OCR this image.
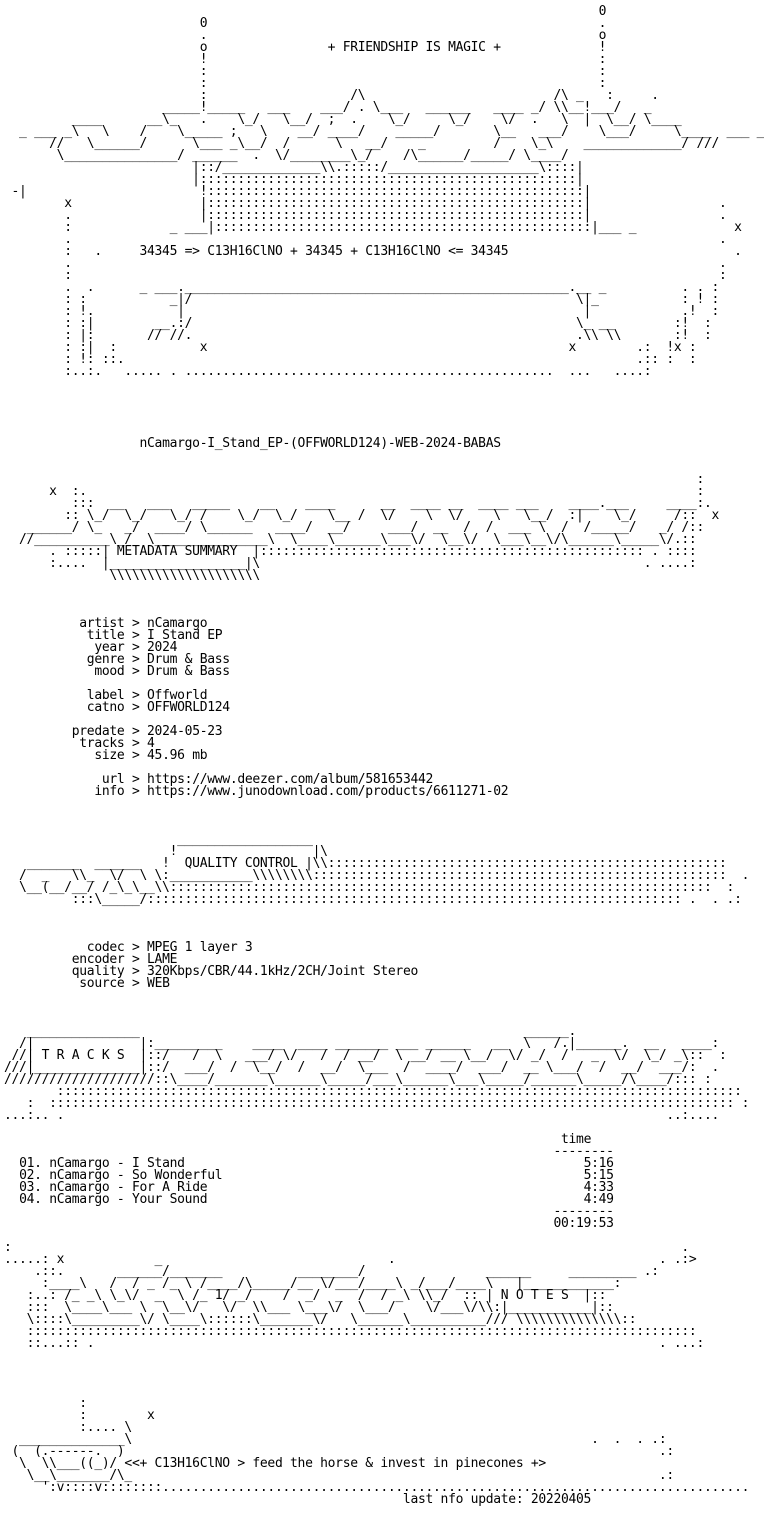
0
0                                                    .
.                                                    o
o                + FRIENDSHIP IS MAGIC +             !
!                                                    :
:                                                    :
:                                                    :
:                   /\                         /\ _   :     .
_____!_____   ___    ___/ . \___   ______   ____ _/ \\__!___/   _
____      __\_   .    \_/   \__/  ;  .    \_/     \_/    \/  .   \  |  \__/ \____
_ ___ _\   \    /    \_____ ;   \    __/ ____/    _____/       \__   ___/    \___/     \____  ___ _
//   \______/      \___ _\__/  /      \   __/    _         /    \_\    _____________/ ///
\_______________/ ______  .  \/________\_/    /\______/_____/ \____/
|::/_____________\\.:::::/____________________\::::|
|::::::::::::::::::::::::::::::::::::::::::::::::::|
-|                       !::::::::::::::::::::::::::::::::::::::::::::::::::|
x                 |::::::::::::::::::::::::::::::::::::::::::::::::::|                 .
.                 |::::::::::::::::::::::::::::::::::::::::::::::::::|                 .
:             _ ___|::::::::::::::::::::::::::::::::::::::::::::::::::|___ _             x
.                                                                                      .
:   .     34345 => C13H16ClNO + 34345 + C13H16ClNO <= 34345                              .
.                                                                                      .
:                                                                                      :
.  .      _ ___.___________________________________________________.__ _          . . :
: :           _|/                                                   \|_           : ! :
: !.           |                                                     |            .!  :
: :|        __.:/                                                   \_ __        :!  :
: |:       // //.                                                   .\\ \\       :!  :
: :|  :           x                                                x        .:  !x :
: !: ::.                                                                    .:: :  :
:..:.   ..... . .................................................  ...   ....:
nCamargo-I_Stand_EP-(OFFWORLD124)-WEB-2024-BABAS
:
x  :.                                                                                 :
:::  __   ___   _____    __    ____      __  ____ __  ____ ___    ____.___     ____:.
:: \_/  \_/   \_/ /    \_/  \_/    \__ /  \/    \  \/    \   \__/  :|    \_/     /::  x
______/ \_   _/  ____/ \______   ____/  __/     ___/  __  /  /  ___ \  /  /_____/   _/ /::
//__________\_/  \_______________\  \____\______\___\/  \__\/  \___\__\/\______\_____\/.::
. :::::| METADATA SUMMARY  |::::::::::::::::::::::::::::::::::::::::::::::::::: . ::::
:....  |__________________|\                                                   . ....:
\\\\\\\\\\\\\\\\\\\\
artist > nCamargo
title > I Stand EP
year > 2024
genre > Drum & Bass
mood > Drum & Bass
label > Offworld
catno > OFFWORLD124
predate > 2024-05-23
tracks > 4
size > 45.96 mb
url > https://www.deezer.com/album/581653442
info > https://www.junodownload.com/products/6611271-02
__________________
!                  |\
_______  ______   !  QUALITY CONTROL |\\:::::::::::::::::::::::::::::::::::::::::::::::::::::
/  _   \\_  \/  \ \:___________\\\\\\\\:::::::::::::::::::::::::::::::::::::::::::::::::::::::  .
\__(__/__/ /_\_\__\\::::::::::::::::::::::::::::::::::::::::::::::::::::::::::::::::::::::::  :
:::\_____/::::::::::::::::::::::::::::::::::::::::::::::::::::::::::::::::::::::: .  . .:
codec > MPEG 1 layer 3
encoder > LAME
quality > 320Kbps/CBR/44.1kHz/2CH/Joint Stereo
source > WEB
_______________                                                   ______.
/|              |:_________    ____  ____ _______ ___ ______   __  \   /.|______.  __   ____:
//| T R A C K S  |::/   /  \   ___/ \/   /  / __/  \ __/ __ \__/  \/ _/  /   _  \/  \_/ _\::  :
///|______________|::/  ___/  /  \__/  /  __/  \___  /  ____/  ___/  __ \___/  /  __/  ___/:  .
////////////////////::\____/_______\______\_____/___\______\___\_____/______\_____/\____/::: :
:::::::::::::::::::::::::::::::::::::::::::::::::::::::::::::::::::::::::::::::::::::::::::
:  ::::::::::::::::::::::::::::::::::::::::::::::::::::::::::::::::::::::::::::::::::::::::::: :
...:.. .                                                                                ..:....
time
--------
01. nCamargo - I Stand	5:16
02. nCamargo - So Wonderful	5:15
03. nCamargo - For A Ride	4:33
04. nCamargo - Your Sound	4:49
--------
00:19:53
:                                                                                         .
.....: x            _                              .                                   . .:>
.::.       ______/_______          ________/                ______     _________ .:
:____\   /  / _ /_ \ /____/\_____/__ \/___/____\ _/___/____\   |____________:
:..: /_ _\ \_\/  _  \ /_ 1/ _/    /  _/  _  /  / _\ \\_/  :: | N O T E S  |::
:::  \____\___ \  \__\/   \/  \\___ \___\/  \___/    \/___\/\\:|___________|::
\::::\_________\/ \____\::::::\_______\/   \______\__________/// \\\\\\\\\\\\\\::
:::::::::::::::::::::::::::::::::::::::::::::::::::::::::::::::::::::::::::::::::::::::::
::...:: .                                                                           . ...:
:
:        x
:.... \
______________\                                                             .  .  . .:
(  (.------.  )                                                                       .:
\  \\___((_)/ <<+ C13H16ClNO > feed the horse & invest in pinecones +>
\__\_______/\_                                                                      .:
':v::::v::::::::..............................................................................
last nfo update: 20220405
